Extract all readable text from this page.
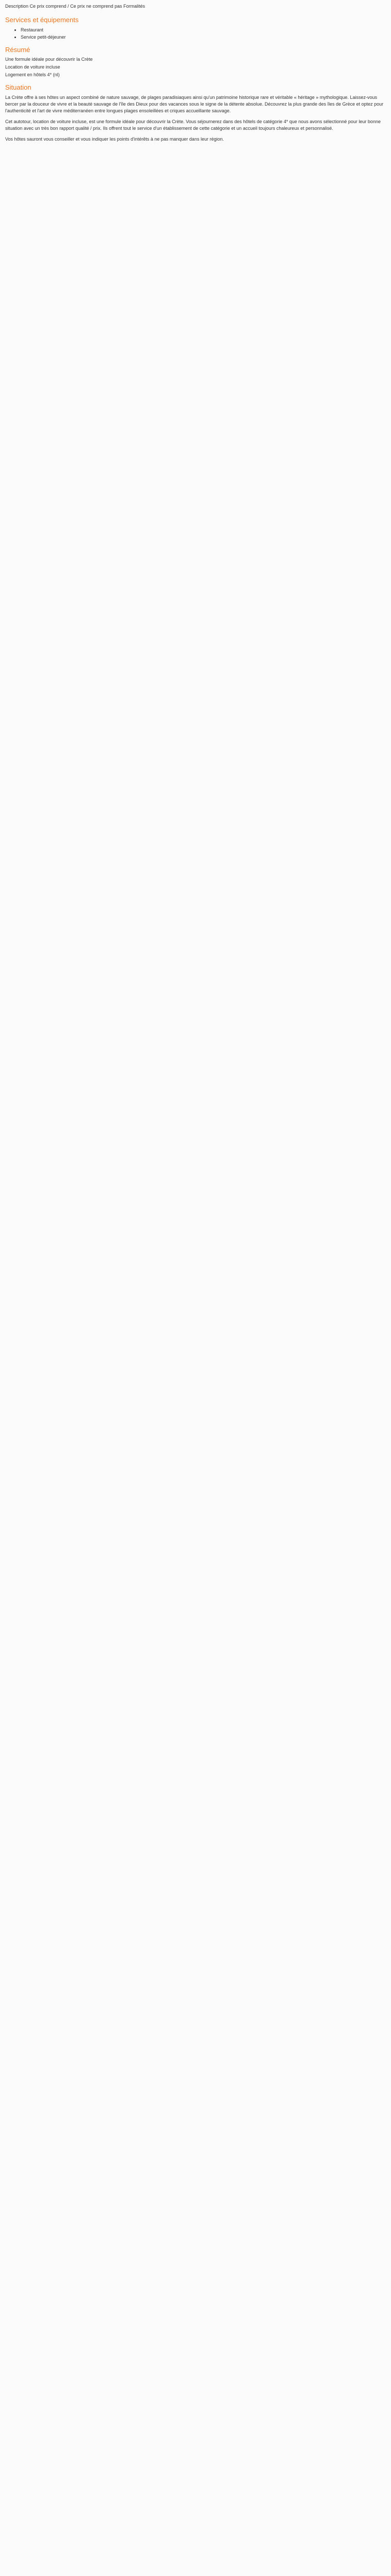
Description Ce prix comprend / Ce prix ne comprend pas Formalités
Services et équipements
• Restaurant
• Service petit-déjeuner
Résumé
Une formule idéale pour découvrir la Crète
Location de voiture incluse
Logement en hôtels 4* (nl)
Situation

La Crète offre à ses hôtes un aspect combiné de nature sauvage, de plages paradisiaques ainsi qu'un patrimoine historique rare et véritable « héritage » mythologique. Laissez-vous bercer par la douceur de vivre et la beauté sauvage de l'île des Dieux pour des vacances sous le signe de la détente absolue. Découvrez la plus grande des îles de Grèce et optez pour l'authenticité et l'art de vivre méditerranéen entre longues plages ensoleillées et criques accueillante sauvage.

Cet autotour, location de voiture incluse, est une formule idéale pour découvrir la Crète. Vous séjournerez dans des hôtels de catégorie 4* que nous avons sélectionné pour leur bonne situation avec un très bon rapport qualité / prix. Ils offrent tout le service d'un établissement de cette catégorie et un accueil toujours chaleureux et personnalisé.

Vos hôtes sauront vous conseiller et vous indiquer les points d'intérêts à ne pas manquer dans leur région.
